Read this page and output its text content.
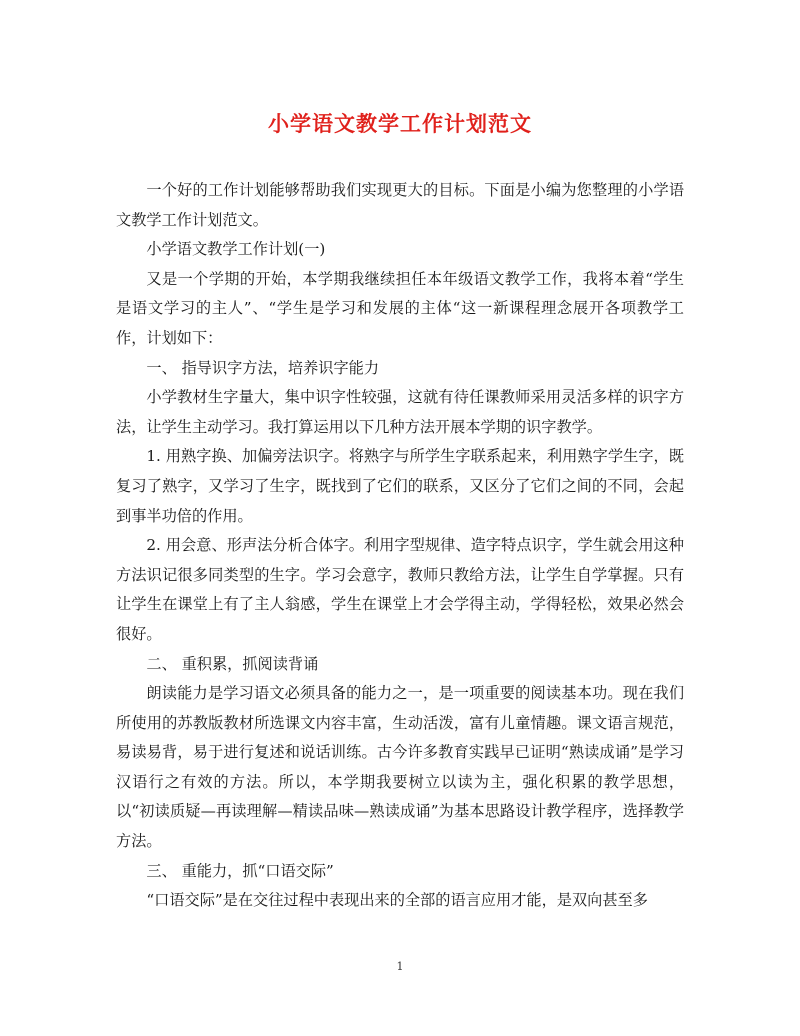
小学语文教学工作计划范文

一个好的工作计划能够帮助我们实现更大的目标。下面是小编为您整理的小学语文教学工作计划范文。

小学语文教学工作计划(一)

又是一个学期的开始，本学期我继续担任本年级语文教学工作，我将本着“学生是语文学习的主人”、“学生是学习和发展的主体“这一新课程理念展开各项教学工作，计划如下：

一、 指导识字方法，培养识字能力

小学教材生字量大，集中识字性较强，这就有待任课教师采用灵活多样的识字方法，让学生主动学习。我打算运用以下几种方法开展本学期的识字教学。

1. 用熟字换、加偏旁法识字。将熟字与所学生字联系起来，利用熟字学生字，既复习了熟字，又学习了生字，既找到了它们的联系，又区分了它们之间的不同，会起到事半功倍的作用。

2. 用会意、形声法分析合体字。利用字型规律、造字特点识字，学生就会用这种方法识记很多同类型的生字。学习会意字，教师只教给方法，让学生自学掌握。只有让学生在课堂上有了主人翁感，学生在课堂上才会学得主动，学得轻松，效果必然会很好。

二、 重积累，抓阅读背诵

朗读能力是学习语文必须具备的能力之一，是一项重要的阅读基本功。现在我们所使用的苏教版教材所选课文内容丰富，生动活泼，富有儿童情趣。课文语言规范，易读易背，易于进行复述和说话训练。古今许多教育实践早已证明“熟读成诵”是学习汉语行之有效的方法。所以，本学期我要树立以读为主，强化积累的教学思想，以“初读质疑—再读理解—精读品味—熟读成诵”为基本思路设计教学程序，选择教学方法。

三、 重能力，抓“口语交际”

“口语交际”是在交往过程中表现出来的全部的语言应用才能，是双向甚至多

1
